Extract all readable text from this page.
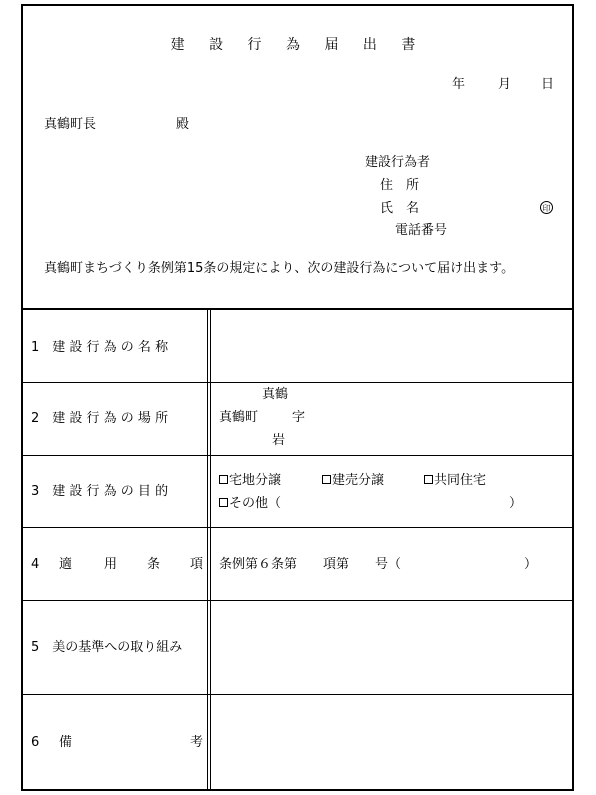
建 設 行 為 届 出 書
年	月 日
真鶴町長	殿
建設行為者
住　所
氏　名	印
電話番号
真鶴町まちづくり条例第15条の規定により、次の建設行為について届け出ます。
1　建 設 行 為 の 名 称
2　建 設 行 為 の 場 所
真鶴
真鶴町	字
岩
3　建 設 行 為 の 目 的
宅地分譲	建売分譲	共同住宅
その他（	）
4 適 用 条 項 条例第６条第　　項第　　号（	）
5　美の基準への取り組み
6 備	考
